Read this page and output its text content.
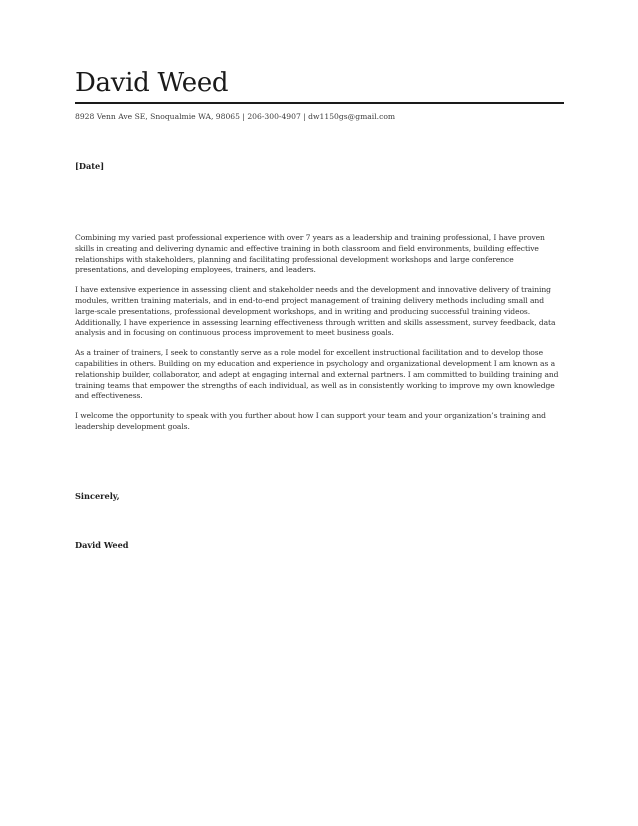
David Weed
8928 Venn Ave SE, Snoqualmie WA, 98065 | 206-300-4907 | dw1150gs@gmail.com
[Date]

Combining my varied past professional experience with over 7 years as a leadership and training professional, I have proven skills in creating and delivering dynamic and effective training in both classroom and field environments, building effective relationships with stakeholders, planning and facilitating professional development workshops and large conference presentations, and developing employees, trainers, and leaders.

I have extensive experience in assessing client and stakeholder needs and the development and innovative delivery of training modules, written training materials, and in end-to-end project management of training delivery methods including small and large-scale presentations, professional development workshops, and in writing and producing successful training videos. Additionally, I have experience in assessing learning effectiveness through written and skills assessment, survey feedback, data analysis and in focusing on continuous process improvement to meet business goals.

As a trainer of trainers, I seek to constantly serve as a role model for excellent instructional facilitation and to develop those capabilities in others. Building on my education and experience in psychology and organizational development I am known as a relationship builder, collaborator, and adept at engaging internal and external partners. I am committed to building training and training teams that empower the strengths of each individual, as well as in consistently working to improve my own knowledge and effectiveness.

I welcome the opportunity to speak with you further about how I can support your team and your organization’s training and leadership development goals.

Sincerely,
David Weed
